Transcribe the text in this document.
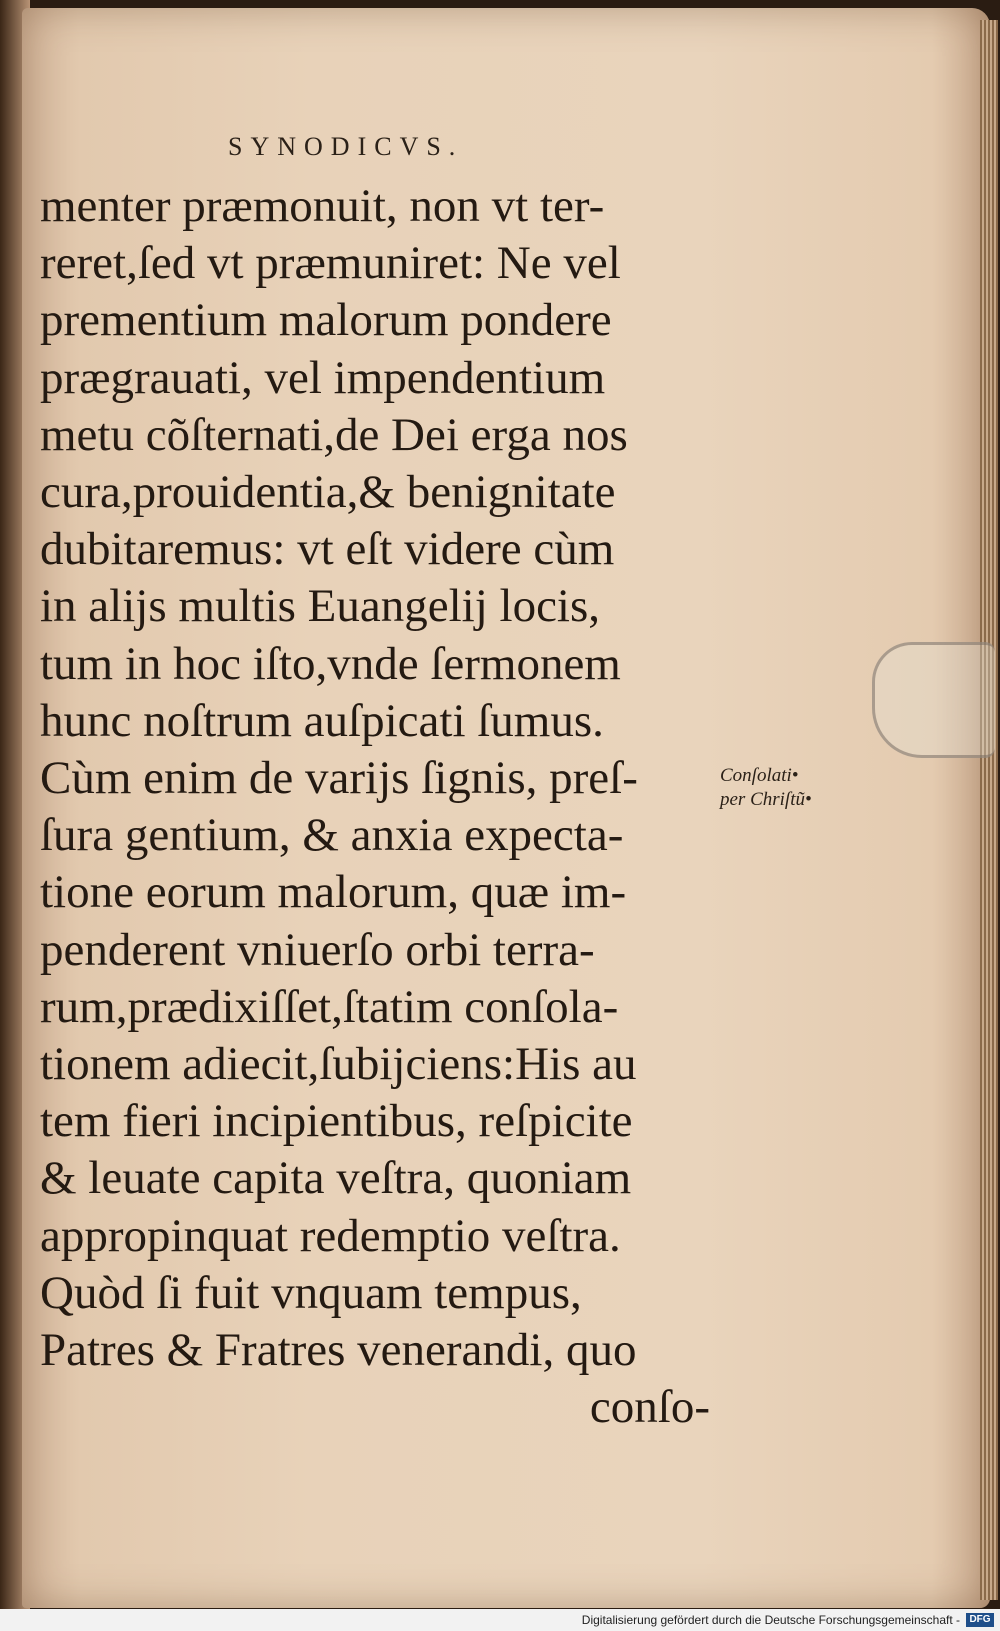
SYNODICVS.
menter præmonuit, non vt ter-
reret,ſed vt præmuniret: Ne vel
prementium malorum pondere
prægrauati, vel impendentium
metu cõſternati,de Dei erga nos
cura,prouidentia,& benignitate
dubitaremus: vt eſt videre cùm
in alijs multis Euangelij locis,
tum in hoc iſto,vnde ſermonem
hunc noſtrum auſpicati ſumus.
Cùm enim de varijs ſignis, preſ-
ſura gentium, & anxia expecta-
tione eorum malorum, quæ im-
penderent vniuerſo orbi terra-
rum,prædixiſſet,ſtatim conſola-
tionem adiecit,ſubijciens:His au
tem fieri incipientibus, reſpicite
& leuate capita veſtra, quoniam
appropinquat redemptio veſtra.
Quòd ſi fuit vnquam tempus,
Patres & Fratres venerandi, quo
conſo-
Conſolati•
per Chriſtũ•
Digitalisierung gefördert durch die Deutsche Forschungsgemeinschaft - DFG
